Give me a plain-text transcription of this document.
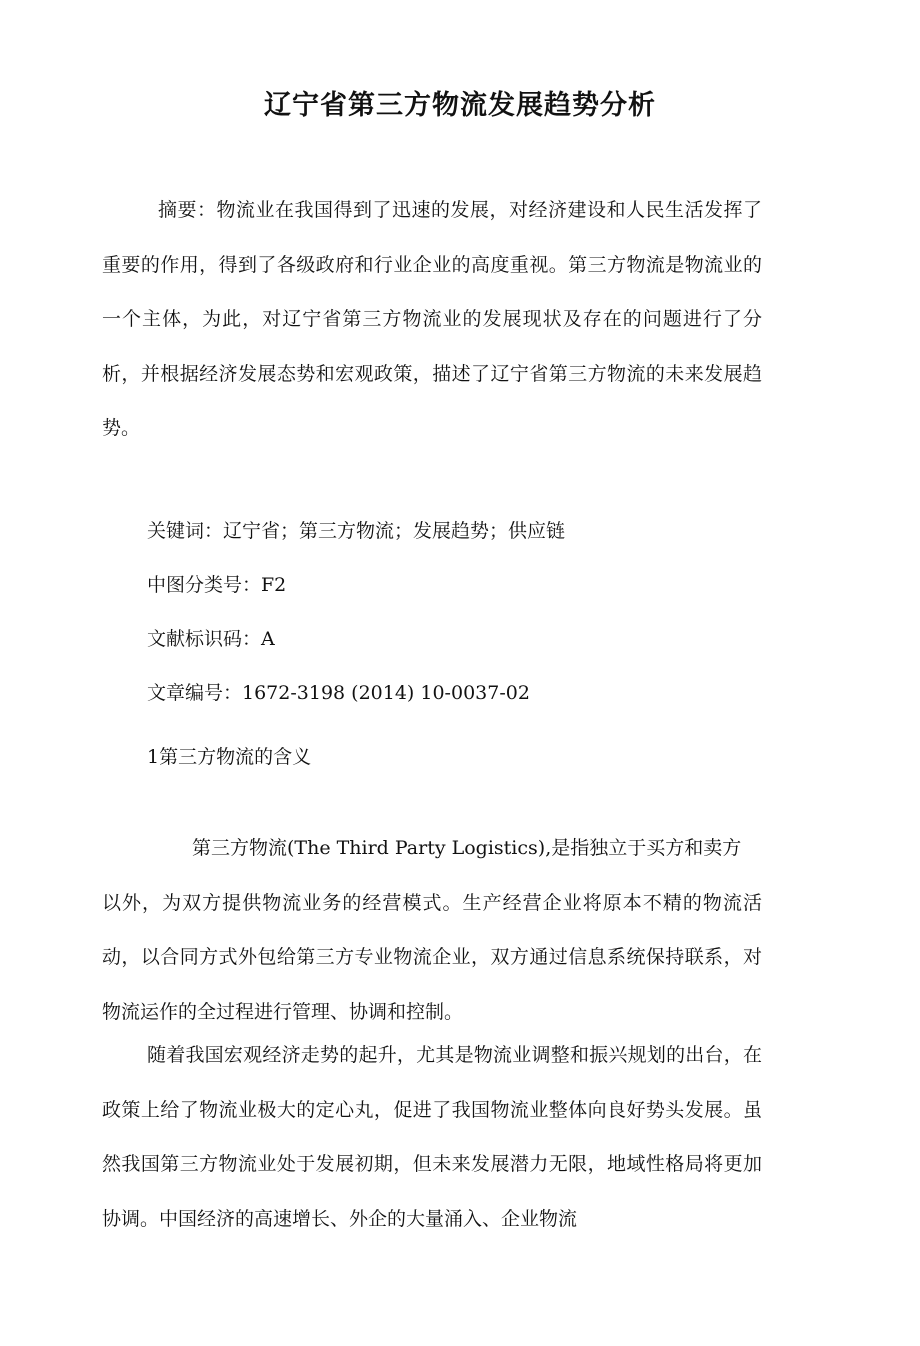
辽宁省第三方物流发展趋势分析
摘要：物流业在我国得到了迅速的发展，对经济建设和人民生活发挥了重要的作用，得到了各级政府和行业企业的高度重视。第三方物流是物流业的一个主体，为此，对辽宁省第三方物流业的发展现状及存在的问题进行了分析，并根据经济发展态势和宏观政策，描述了辽宁省第三方物流的未来发展趋势。
关键词：辽宁省；第三方物流；发展趋势；供应链
中图分类号：F2
文献标识码：A
文章编号：1672-3198 (2014) 10-0037-02
1第三方物流的含义
第三方物流(The Third Party Logistics),是指独立于买方和卖方以外，为双方提供物流业务的经营模式。生产经营企业将原本不精的物流活动，以合同方式外包给第三方专业物流企业，双方通过信息系统保持联系，对物流运作的全过程进行管理、协调和控制。
随着我国宏观经济走势的起升，尤其是物流业调整和振兴规划的出台，在政策上给了物流业极大的定心丸，促进了我国物流业整体向良好势头发展。虽然我国第三方物流业处于发展初期，但未来发展潜力无限，地域性格局将更加协调。中国经济的高速增长、外企的大量涌入、企业物流
